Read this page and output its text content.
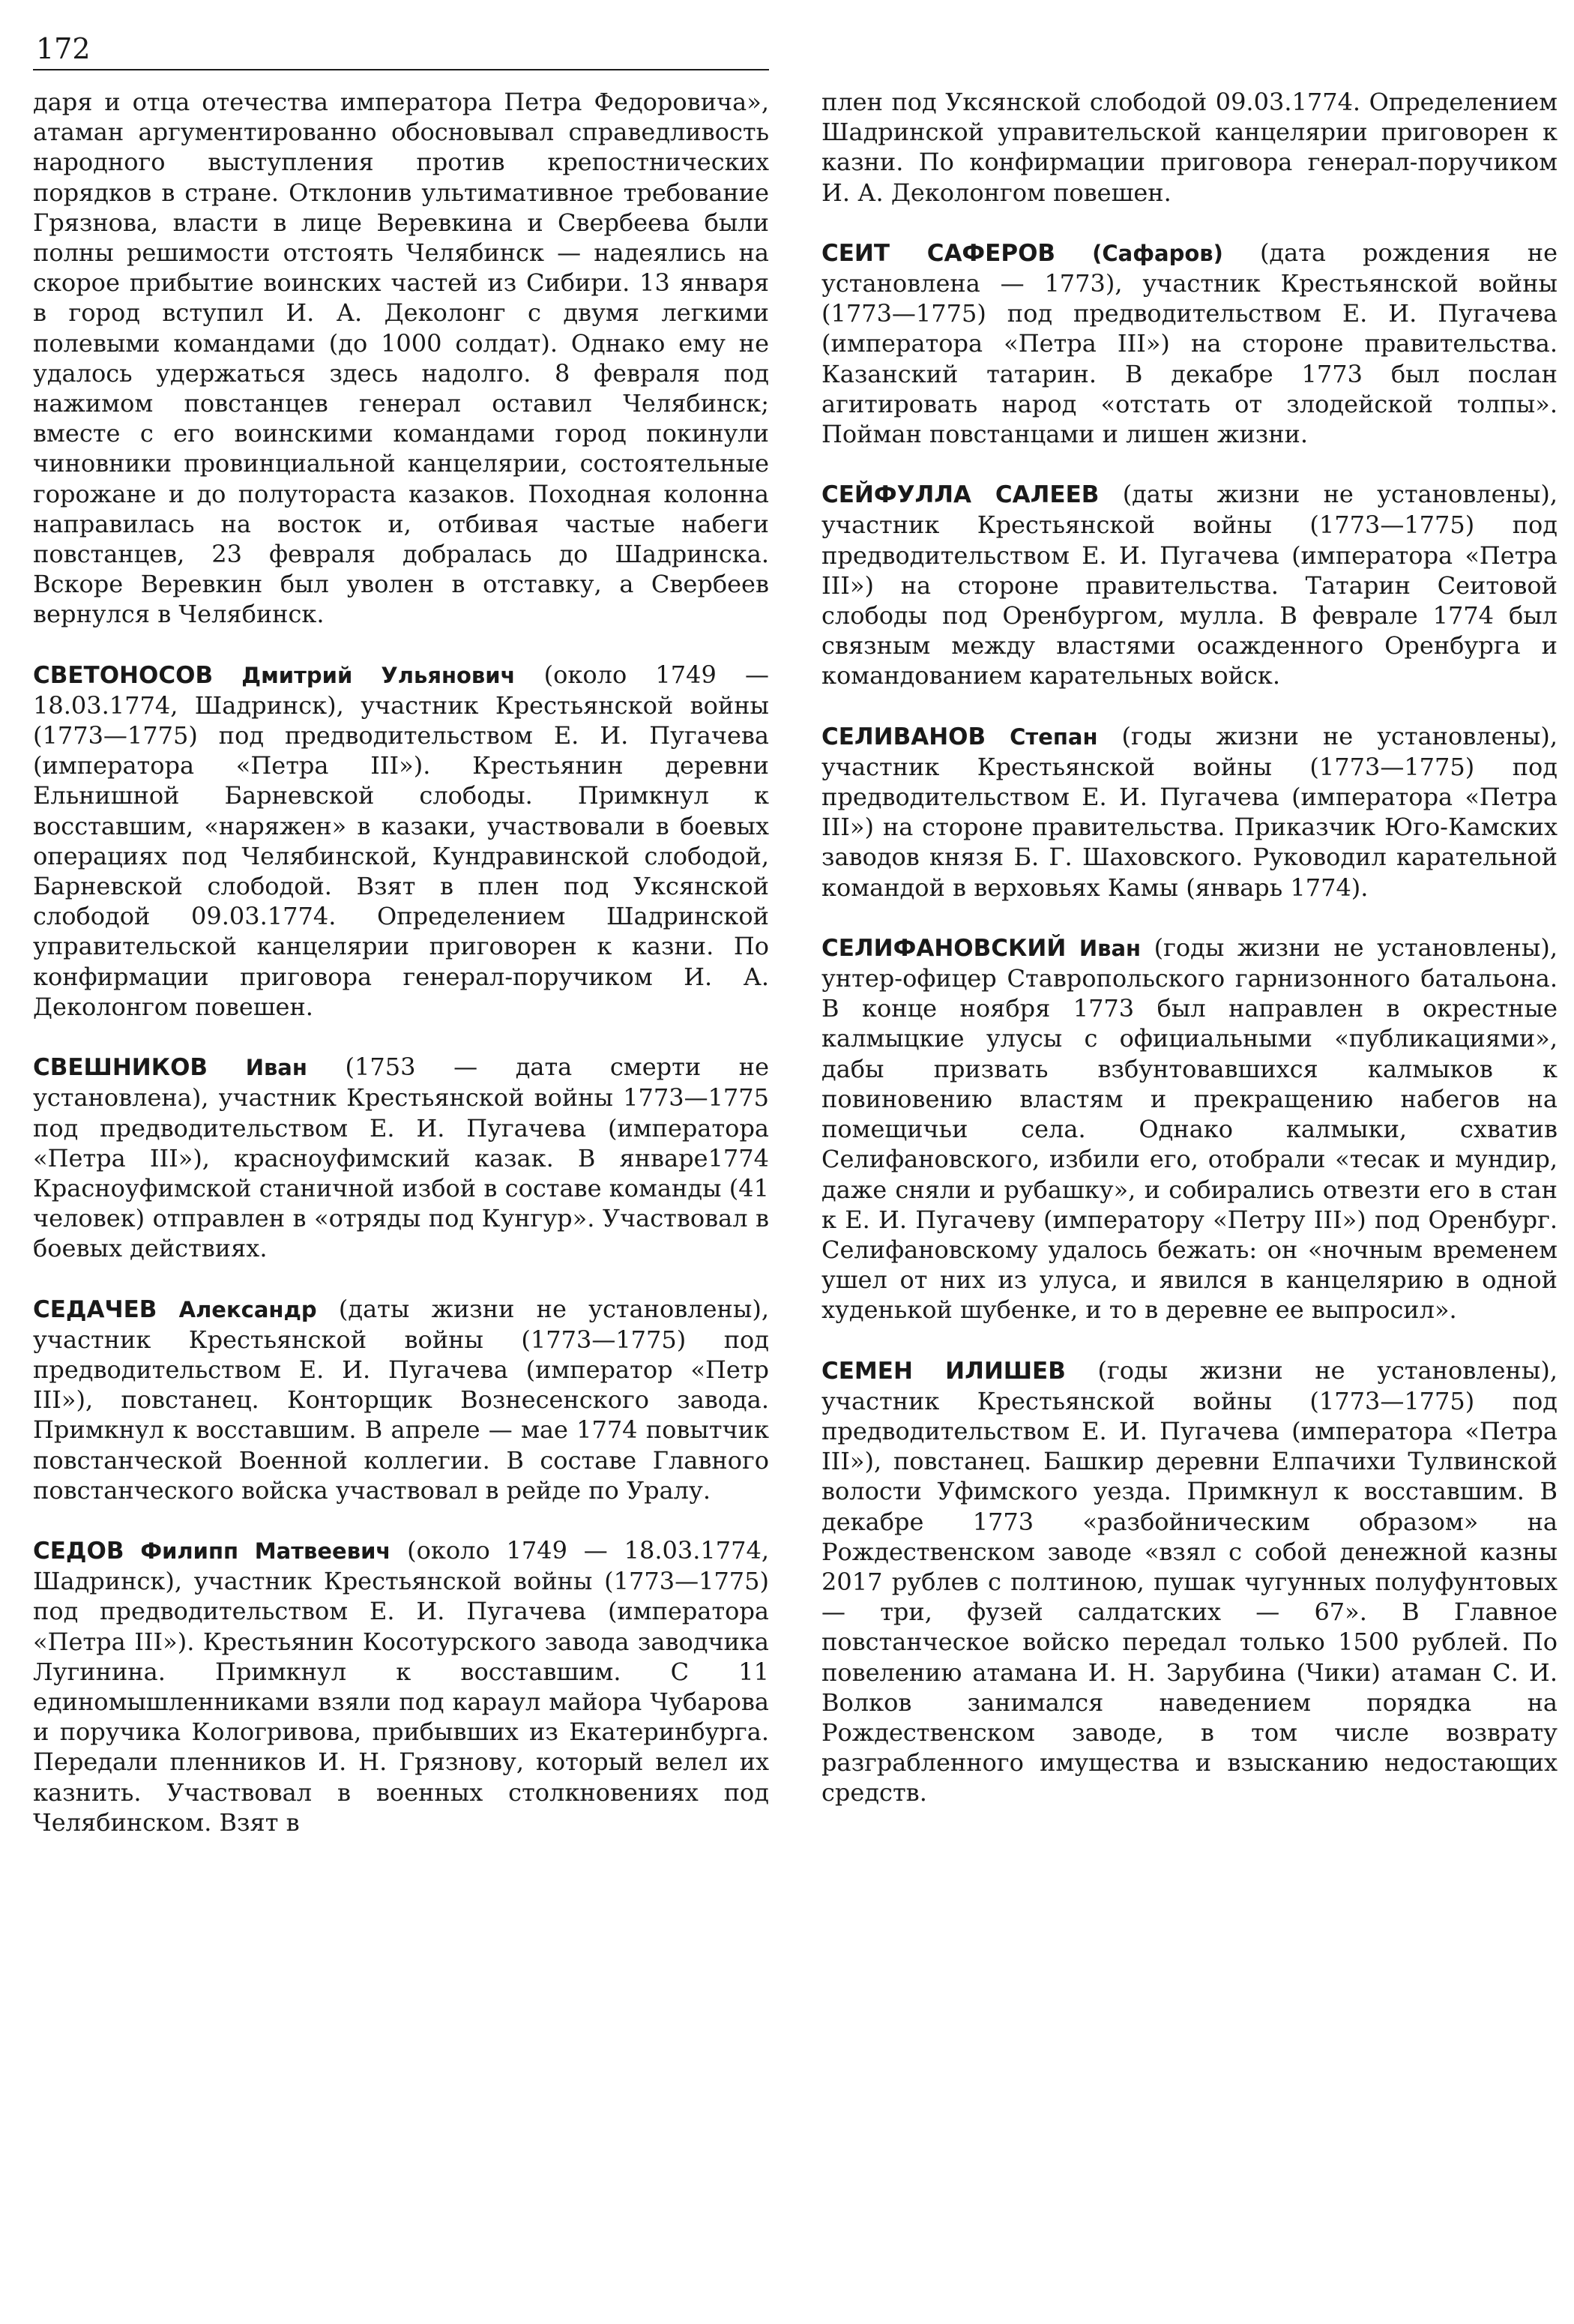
172

даря и отца отечества императора Петра Федоровича», атаман аргументированно обосновывал справедливость народного выступления против крепостнических порядков в стране. Отклонив ультимативное требование Грязнова, власти в лице Веревкина и Свербеева были полны решимости отстоять Челябинск — надеялись на скорое прибытие воинских частей из Сибири. 13 января в город вступил И. А. Деколонг с двумя легкими полевыми командами (до 1000 солдат). Однако ему не удалось удержаться здесь надолго. 8 февраля под нажимом повстанцев генерал оставил Челябинск; вместе с его воинскими командами город покинули чиновники провинциальной канцелярии, состоятельные горожане и до полутораста казаков. Походная колонна направилась на восток и, отбивая частые набеги повстанцев, 23 февраля добралась до Шадринска. Вскоре Веревкин был уволен в отставку, а Свербеев вернулся в Челябинск.

СВЕТОНОСОВ Дмитрий Ульянович (около 1749 — 18.03.1774, Шадринск), участник Крестьянской войны (1773—1775) под предводительством Е. И. Пугачева (императора «Петра III»). Крестьянин деревни Ельнишной Барневской слободы. Примкнул к восставшим, «наряжен» в казаки, участвовали в боевых операциях под Челябинской, Кундравинской слободой, Барневской слободой. Взят в плен под Уксянской слободой 09.03.1774. Определением Шадринской управительской канцелярии приговорен к казни. По конфирмации приговора генерал-поручиком И. А. Деколонгом повешен.

СВЕШНИКОВ Иван (1753 — дата смерти не установлена), участник Крестьянской войны 1773—1775 под предводительством Е. И. Пугачева (императора «Петра III»), красноуфимский казак. В январе1774 Красноуфимской станичной избой в составе команды (41 человек) отправлен в «отряды под Кунгур». Участвовал в боевых действиях.

СЕДАЧЕВ Александр (даты жизни не установлены), участник Крестьянской войны (1773—1775) под предводительством Е. И. Пугачева (император «Петр III»), повстанец. Конторщик Вознесенского завода. Примкнул к восставшим. В апреле — мае 1774 повытчик повстанческой Военной коллегии. В составе Главного повстанческого войска участвовал в рейде по Уралу.

СЕДОВ Филипп Матвеевич (около 1749 — 18.03.1774, Шадринск), участник Крестьянской войны (1773—1775) под предводительством Е. И. Пугачева (императора «Петра III»). Крестьянин Косотурского завода заводчика Лугинина. Примкнул к восставшим. С 11 единомышленниками взяли под караул майора Чубарова и поручика Кологривова, прибывших из Екатеринбурга. Передали пленников И. Н. Грязнову, который велел их казнить. Участвовал в военных столкновениях под Челябинском. Взят в

плен под Уксянской слободой 09.03.1774. Определением Шадринской управительской канцелярии приговорен к казни. По конфирмации приговора генерал-поручиком И. А. Деколонгом повешен.

СЕИТ САФЕРОВ (Сафаров) (дата рождения не установлена — 1773), участник Крестьянской войны (1773—1775) под предводительством Е. И. Пугачева (императора «Петра III») на стороне правительства. Казанский татарин. В декабре 1773 был послан агитировать народ «отстать от злодейской толпы». Пойман повстанцами и лишен жизни.

СЕЙФУЛЛА САЛЕЕВ (даты жизни не установлены), участник Крестьянской войны (1773—1775) под предводительством Е. И. Пугачева (императора «Петра III») на стороне правительства. Татарин Сеитовой слободы под Оренбургом, мулла. В феврале 1774 был связным между властями осажденного Оренбурга и командованием карательных войск.

СЕЛИВАНОВ Степан (годы жизни не установлены), участник Крестьянской войны (1773—1775) под предводительством Е. И. Пугачева (императора «Петра III») на стороне правительства. Приказчик Юго-Камских заводов князя Б. Г. Шаховского. Руководил карательной командой в верховьях Камы (январь 1774).

СЕЛИФАНОВСКИЙ Иван (годы жизни не установлены), унтер-офицер Ставропольского гарнизонного батальона. В конце ноября 1773 был направлен в окрестные калмыцкие улусы с официальными «публикациями», дабы призвать взбунтовавшихся калмыков к повиновению властям и прекращению набегов на помещичьи села. Однако калмыки, схватив Селифановского, избили его, отобрали «тесак и мундир, даже сняли и рубашку», и собирались отвезти его в стан к Е. И. Пугачеву (императору «Петру III») под Оренбург. Селифановскому удалось бежать: он «ночным временем ушел от них из улуса, и явился в канцелярию в одной худенькой шубенке, и то в деревне ее выпросил».

СЕМЕН ИЛИШЕВ (годы жизни не установлены), участник Крестьянской войны (1773—1775) под предводительством Е. И. Пугачева (императора «Петра III»), повстанец. Башкир деревни Елпачихи Тулвинской волости Уфимского уезда. Примкнул к восставшим. В декабре 1773 «разбойническим образом» на Рождественском заводе «взял с собой денежной казны 2017 рублев с полтиною, пушак чугунных полуфунтовых — три, фузей салдатских — 67». В Главное повстанческое войско передал только 1500 рублей. По повелению атамана И. Н. Зарубина (Чики) атаман С. И. Волков занимался наведением порядка на Рождественском заводе, в том числе возврату разграбленного имущества и взысканию недостающих средств.
